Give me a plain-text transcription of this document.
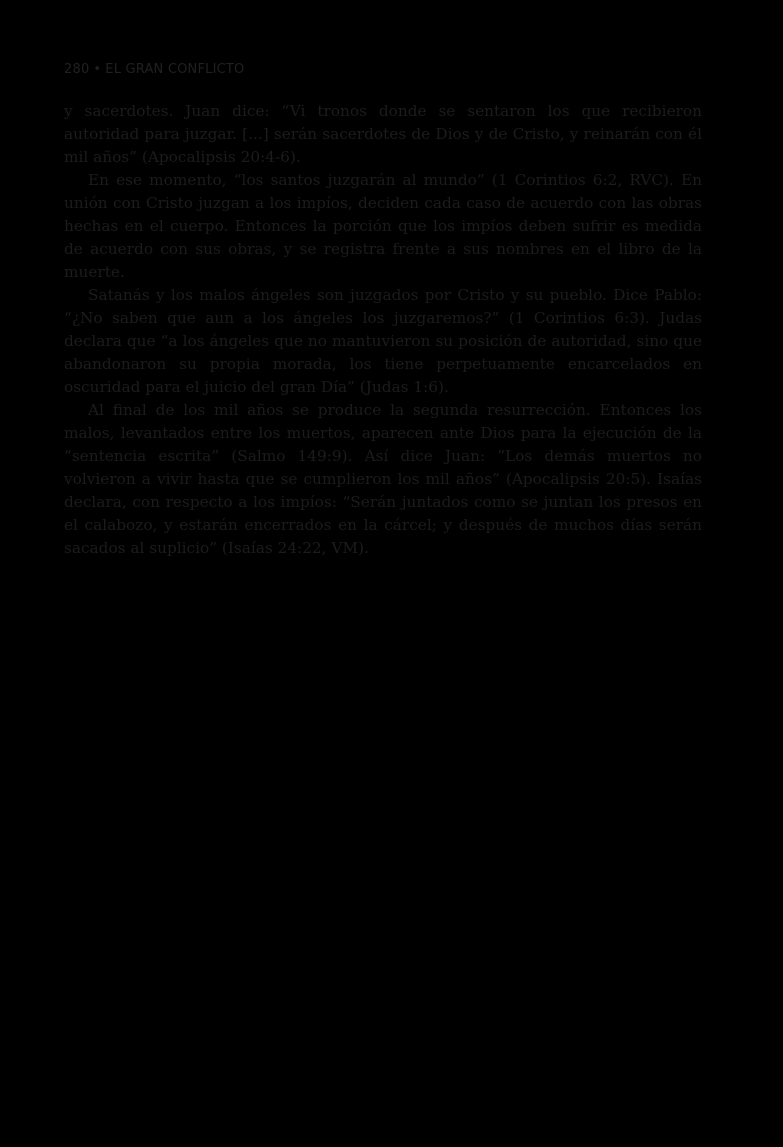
280 • EL GRAN CONFLICTO

y sacerdotes. Juan dice: “Vi tronos donde se sentaron los que recibieron autoridad para juzgar. [...] serán sacerdotes de Dios y de Cristo, y reinarán con él mil años” (Apocalipsis 20:4-6).

En ese momento, “los santos juzgarán al mundo” (1 Corintios 6:2, RVC). En unión con Cristo juzgan a los impíos, deciden cada caso de acuerdo con las obras hechas en el cuerpo. Entonces la porción que los impíos deben sufrir es medida de acuerdo con sus obras, y se registra frente a sus nombres en el libro de la muerte.

Satanás y los malos ángeles son juzgados por Cristo y su pueblo. Dice Pablo: “¿No saben que aun a los ángeles los juzgaremos?” (1 Corintios 6:3). Judas declara que “a los ángeles que no mantuvieron su posición de autoridad, sino que abandonaron su propia morada, los tiene perpetuamente encarcelados en oscuridad para el juicio del gran Día” (Judas 1:6).

Al final de los mil años se produce la segunda resurrección. Entonces los malos, levantados entre los muertos, aparecen ante Dios para la ejecución de la “sentencia escrita” (Salmo 149:9). Así dice Juan: “Los demás muertos no volvieron a vivir hasta que se cumplieron los mil años” (Apocalipsis 20:5). Isaías declara, con respecto a los impíos: “Serán juntados como se juntan los presos en el calabozo, y estarán encerrados en la cárcel; y después de muchos días serán sacados al suplicio” (Isaías 24:22, VM).
